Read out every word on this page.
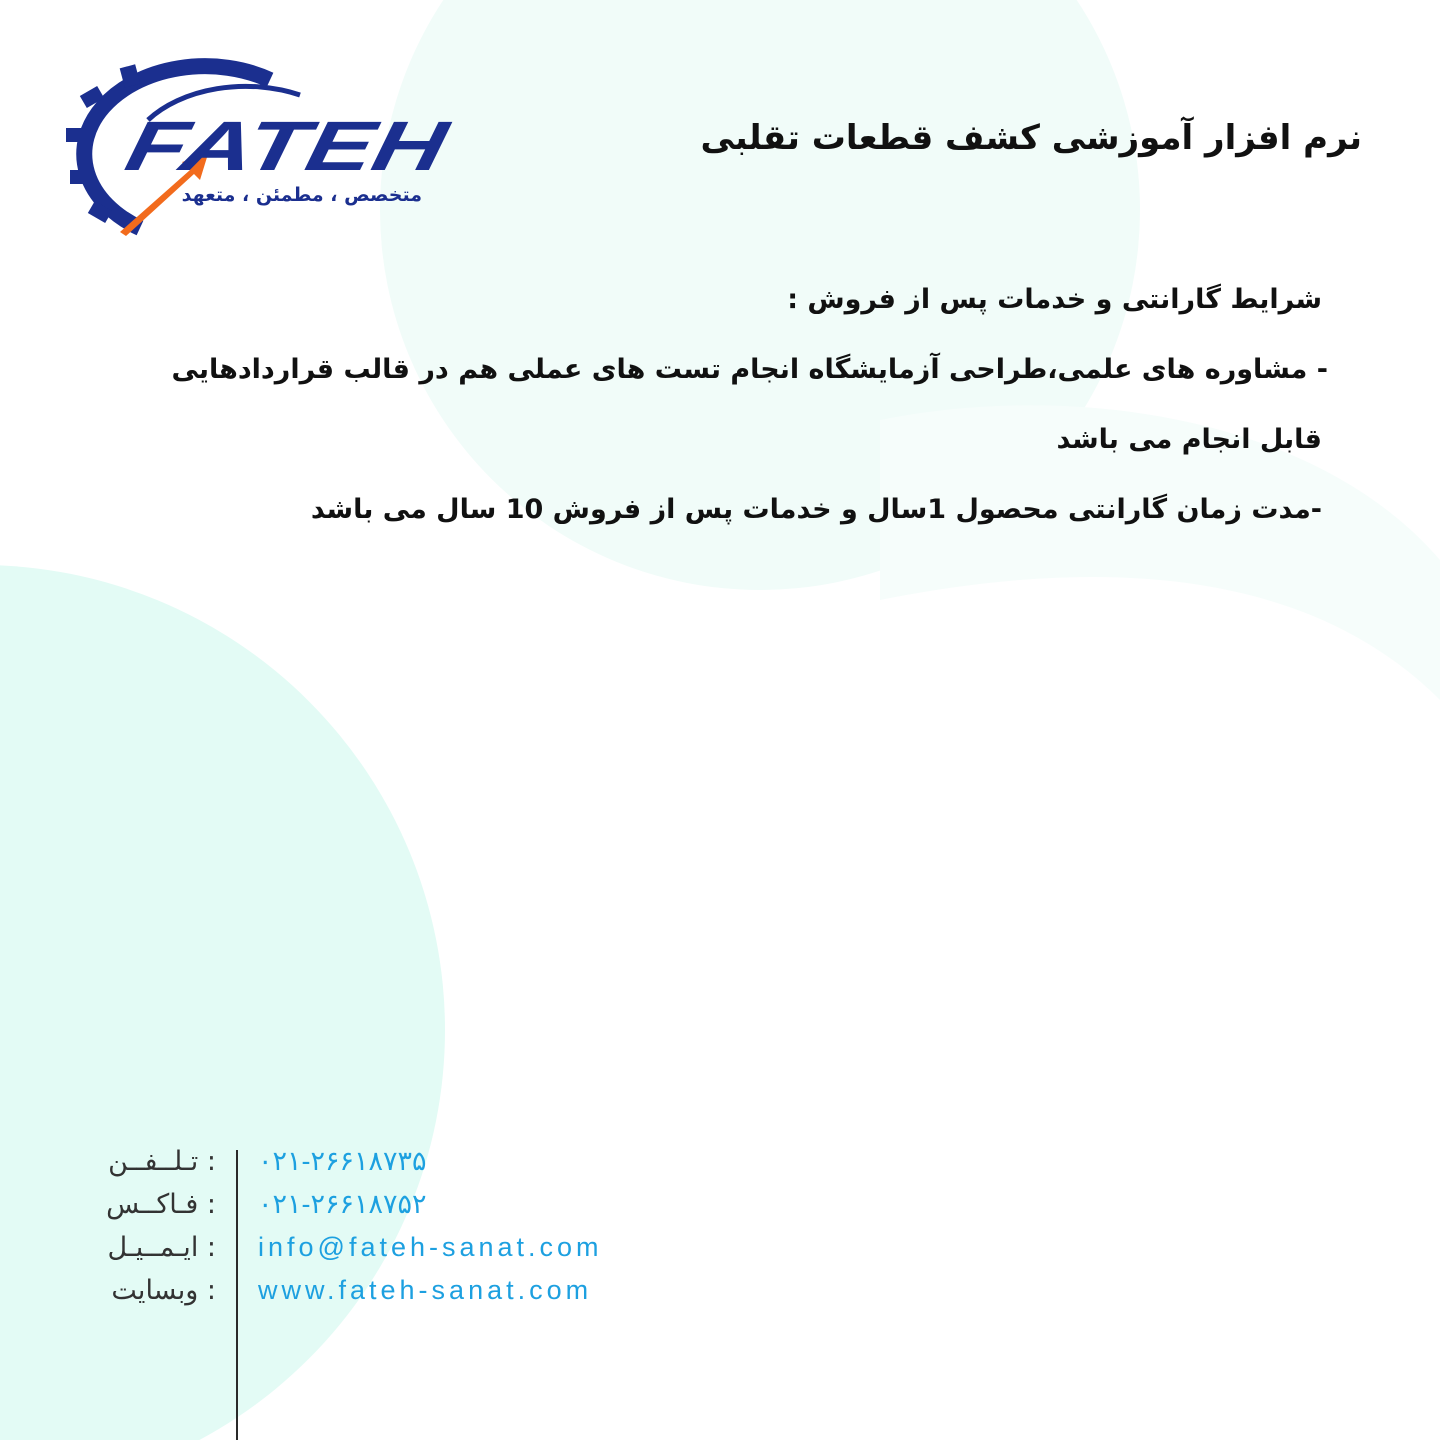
FATEH
متخصص ، مطمئن ، متعهد
نرم افزار آموزشی کشف قطعات تقلبی
شرایط گارانتی و خدمات پس از فروش :
- مشاوره های علمی،طراحی آزمایشگاه انجام تست های عملی هم در قالب قراردادهایی
قابل انجام می باشد
-مدت زمان گارانتی محصول 1سال و خدمات پس از فروش 10 سال می باشد
: تـلــفــن
: فـاکــس
: ایـمــیـل
: وبسایت
۰۲۱-۲۶۶۱۸۷۳۵
۰۲۱-۲۶۶۱۸۷۵۲
info@fateh-sanat.com
www.fateh-sanat.com
